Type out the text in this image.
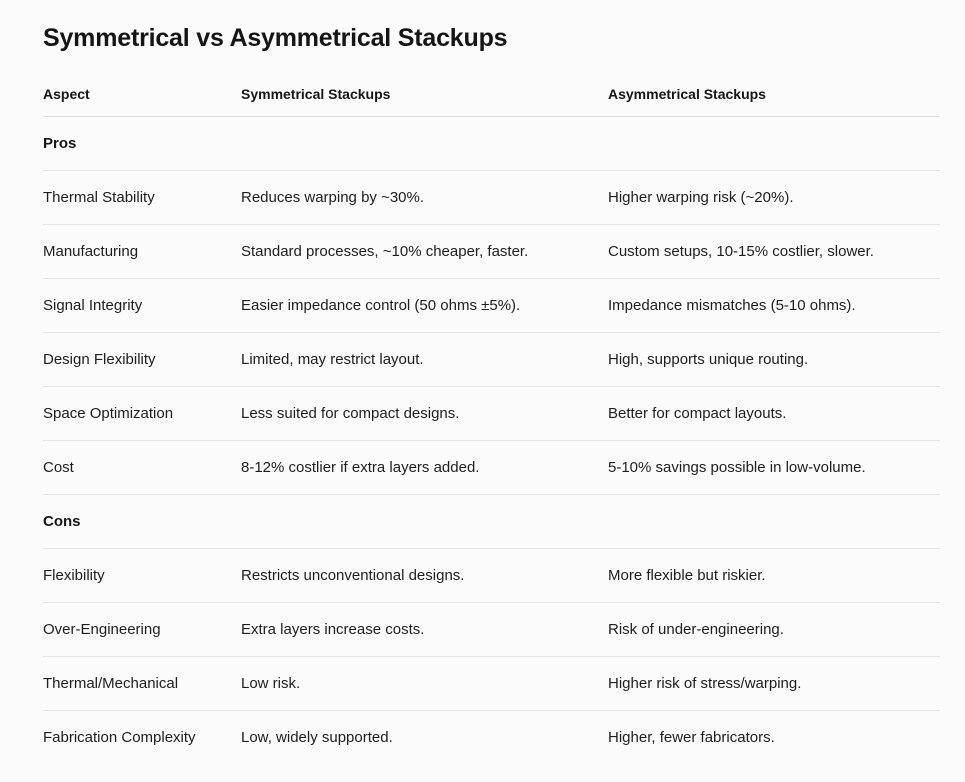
Symmetrical vs Asymmetrical Stackups
Aspect	Symmetrical Stackups	Asymmetrical Stackups
Pros
Thermal Stability	Reduces warping by ~30%.	Higher warping risk (~20%).
Manufacturing	Standard processes, ~10% cheaper, faster.	Custom setups, 10-15% costlier, slower.
Signal Integrity	Easier impedance control (50 ohms ±5%).	Impedance mismatches (5-10 ohms).
Design Flexibility	Limited, may restrict layout.	High, supports unique routing.
Space Optimization	Less suited for compact designs.	Better for compact layouts.
Cost	8-12% costlier if extra layers added.	5-10% savings possible in low-volume.
Cons
Flexibility	Restricts unconventional designs.	More flexible but riskier.
Over-Engineering	Extra layers increase costs.	Risk of under-engineering.
Thermal/Mechanical	Low risk.	Higher risk of stress/warping.
Fabrication Complexity	Low, widely supported.	Higher, fewer fabricators.
